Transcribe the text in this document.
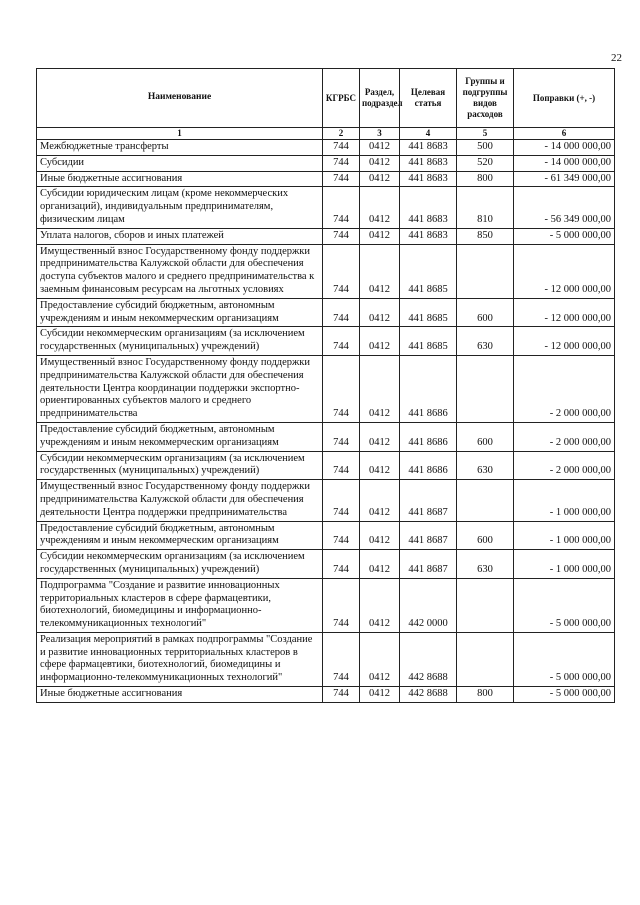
22
Наименование	КГРБС	Раздел, подраздел	Целевая статья	Группы и подгруппы видов расходов	Поправки (+, -)
1	2	3	4	5	6
Межбюджетные трансферты	744	0412	441 8683	500	- 14 000 000,00
Субсидии	744	0412	441 8683	520	- 14 000 000,00
Иные бюджетные ассигнования	744	0412	441 8683	800	- 61 349 000,00
Субсидии юридическим лицам (кроме некоммерческих организаций), индивидуальным предпринимателям, физическим лицам	744	0412	441 8683	810	- 56 349 000,00
Уплата налогов, сборов и иных платежей	744	0412	441 8683	850	- 5 000 000,00
Имущественный взнос Государственному фонду поддержки предпринимательства Калужской области для обеспечения доступа субъектов малого и среднего предпринимательства к заемным финансовым ресурсам на льготных условиях	744	0412	441 8685		- 12 000 000,00
Предоставление субсидий бюджетным, автономным учреждениям и иным некоммерческим организациям	744	0412	441 8685	600	- 12 000 000,00
Субсидии некоммерческим организациям (за исключением государственных (муниципальных) учреждений)	744	0412	441 8685	630	- 12 000 000,00
Имущественный взнос Государственному фонду поддержки предпринимательства Калужской области для обеспечения деятельности Центра координации поддержки экспортно-ориентированных субъектов малого и среднего предпринимательства	744	0412	441 8686		- 2 000 000,00
Предоставление субсидий бюджетным, автономным учреждениям и иным некоммерческим организациям	744	0412	441 8686	600	- 2 000 000,00
Субсидии некоммерческим организациям (за исключением государственных (муниципальных) учреждений)	744	0412	441 8686	630	- 2 000 000,00
Имущественный взнос Государственному фонду поддержки предпринимательства Калужской области для обеспечения деятельности Центра поддержки предпринимательства	744	0412	441 8687		- 1 000 000,00
Предоставление субсидий бюджетным, автономным учреждениям и иным некоммерческим организациям	744	0412	441 8687	600	- 1 000 000,00
Субсидии некоммерческим организациям (за исключением государственных (муниципальных) учреждений)	744	0412	441 8687	630	- 1 000 000,00
Подпрограмма "Создание и развитие инновационных территориальных кластеров в сфере фармацевтики, биотехнологий, биомедицины и информационно-телекоммуникационных технологий"	744	0412	442 0000		- 5 000 000,00
Реализация мероприятий в рамках подпрограммы "Создание и развитие инновационных территориальных кластеров в сфере фармацевтики, биотехнологий, биомедицины и информационно-телекоммуникационных технологий"	744	0412	442 8688		- 5 000 000,00
Иные бюджетные ассигнования	744	0412	442 8688	800	- 5 000 000,00
